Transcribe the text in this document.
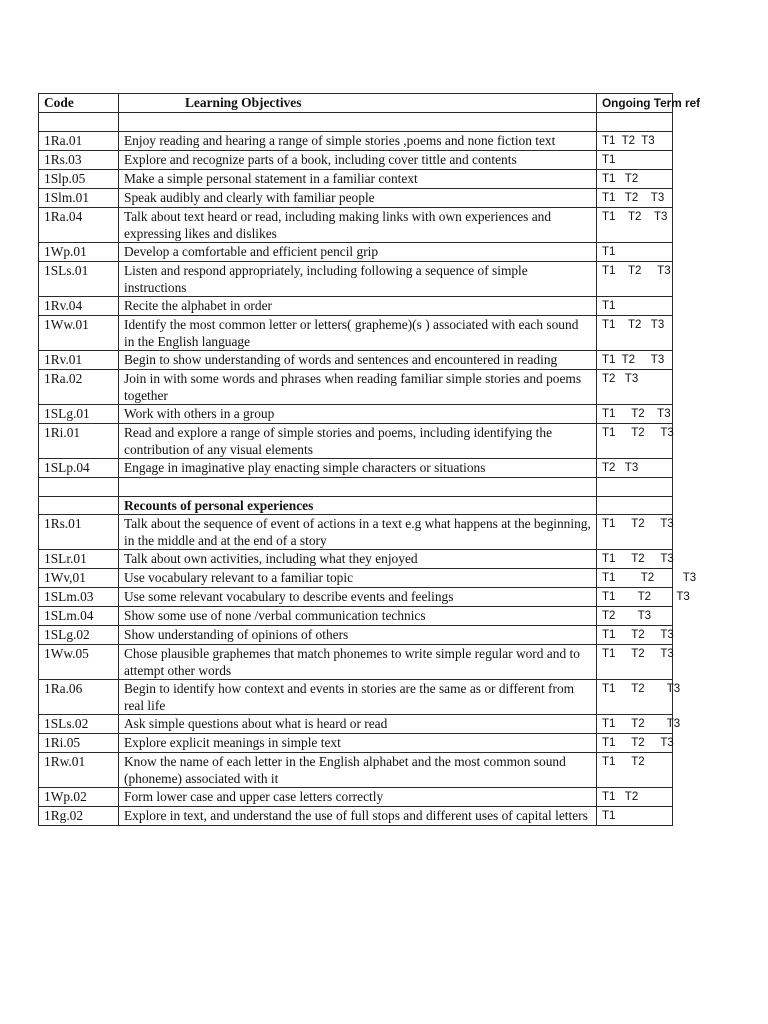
Code	Learning Objectives	Ongoing Term ref

1Ra.01	Enjoy reading and hearing a range of simple stories ,poems and none fiction text	T1  T2  T3
1Rs.03	Explore and recognize parts of a book, including cover tittle and contents	T1
1Slp.05	Make a simple personal statement in a familiar context	T1   T2
1Slm.01	Speak audibly and clearly with familiar people	T1   T2    T3
1Ra.04	Talk about text heard or read, including making links with own experiences and expressing likes and dislikes	T1    T2    T3
1Wp.01	Develop a comfortable and efficient pencil grip	T1
1SLs.01	Listen and respond appropriately, including following a sequence of simple instructions	T1    T2     T3
1Rv.04	Recite the alphabet in order	T1
1Ww.01	Identify the most common letter or letters( grapheme)(s ) associated with each sound in the English language	T1    T2   T3
1Rv.01	Begin to show understanding of words and sentences and encountered in reading	T1  T2     T3
1Ra.02	Join in with some words and phrases when reading familiar simple stories and poems together	T2   T3
1SLg.01	Work with others in a group	T1     T2    T3
1Ri.01	Read and explore a range of simple stories and poems, including identifying the contribution of any visual elements	T1     T2     T3
1SLp.04	Engage in imaginative play enacting simple characters or situations	T2   T3

	Recounts of personal experiences	
1Rs.01	Talk about the sequence of event of actions in a text e.g what happens at the beginning, in the middle and at the end of a story	T1     T2     T3
1SLr.01	Talk about own activities, including what they enjoyed	T1     T2     T3
1Wv,01	Use vocabulary relevant to a familiar topic	T1        T2         T3
1SLm.03	Use some relevant vocabulary to describe events and feelings	T1       T2        T3
1SLm.04	Show some use of none /verbal communication technics	T2       T3
1SLg.02	Show understanding of opinions of others	T1     T2     T3
1Ww.05	Chose plausible graphemes that match phonemes to write simple regular word and to attempt other words	T1     T2     T3
1Ra.06	Begin to identify how context and events in stories are the same as or different from real life	T1     T2       T3
1SLs.02	Ask simple questions about what is heard or read	T1     T2       T3
1Ri.05	Explore explicit meanings in simple text	T1     T2     T3
1Rw.01	Know the name of each letter in the English alphabet and the most common sound (phoneme) associated with it	T1     T2
1Wp.02	Form lower case and upper case letters correctly	T1   T2
1Rg.02	Explore in text, and understand the use of full stops and different uses of capital letters	T1
